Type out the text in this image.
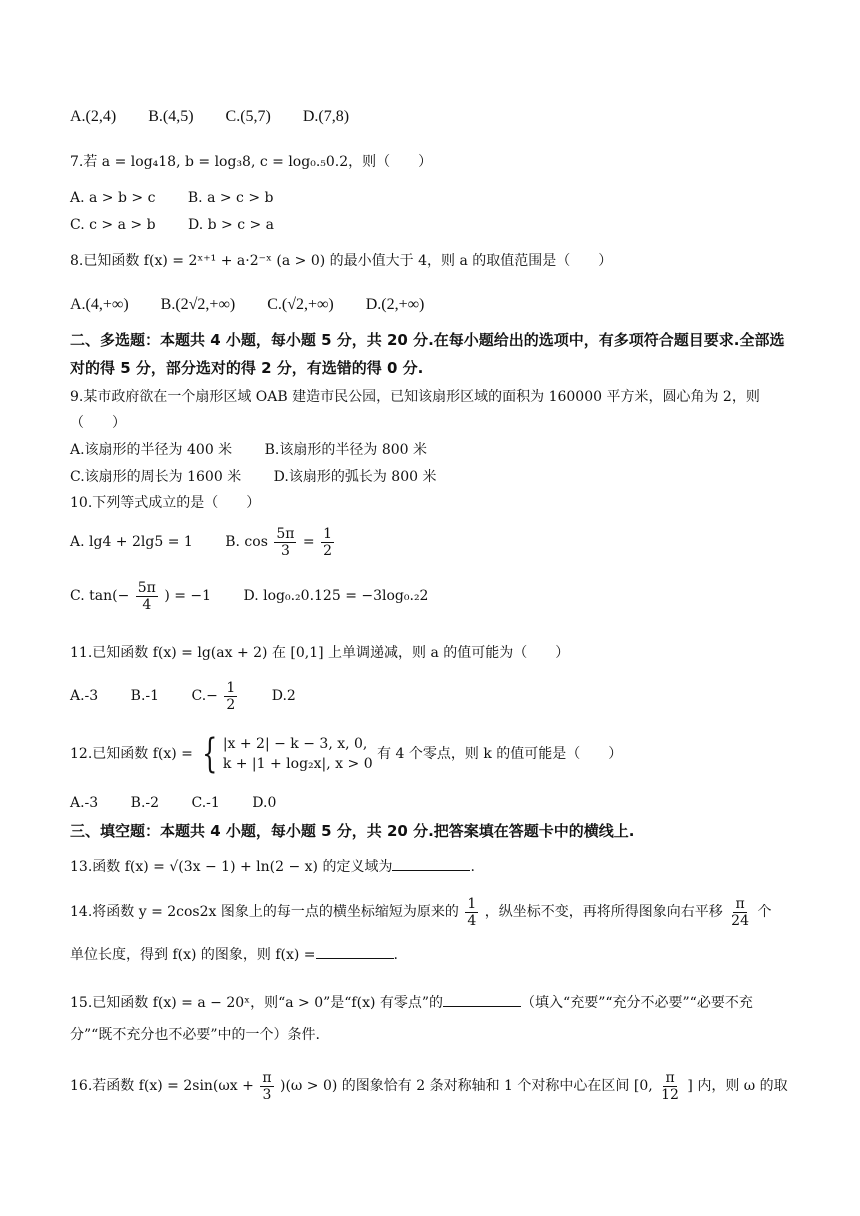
A.(2,4) B.(4,5) C.(5,7) D.(7,8)
7.若 a = log₄18, b = log₃8, c = log₀.₅0.2，则（　　）
A. a > b > c B. a > c > b
C. c > a > b D. b > c > a
8.已知函数 f(x) = 2ˣ⁺¹ + a·2⁻ˣ (a > 0) 的最小值大于 4，则 a 的取值范围是（　　）
A.(4,+∞) B.(2√2,+∞) C.(√2,+∞) D.(2,+∞)
二、多选题：本题共 4 小题，每小题 5 分，共 20 分.在每小题给出的选项中，有多项符合题目要求.全部选对的得 5 分，部分选对的得 2 分，有选错的得 0 分.
9.某市政府欲在一个扇形区域 OAB 建造市民公园，已知该扇形区域的面积为 160000 平方米，圆心角为 2，则（　　）
A.该扇形的半径为 400 米 B.该扇形的半径为 800 米
C.该扇形的周长为 1600 米 D.该扇形的弧长为 800 米
10.下列等式成立的是（　　）
A. lg4 + 2lg5 = 1 B. $\cos \frac{5\pi}{3} = \frac{1}{2}$
C. $\tan(- \frac{5\pi}{4}$ ) = −1 D. log₀.₂0.125 = −3log₀.₂2
11.已知函数 f(x) = lg(ax + 2) 在 [0,1] 上单调递减，则 a 的值可能为（　　）
A.-3 B.-1 $C.- \frac{1}{2} D.2$
12.已知函数 f(x) = { |x + 2| − k − 3, x, 0,
k + |1 + log₂x|, x > 0
有 4 个零点，则 k 的值可能是（　　）
A.-3 B.-2 C.-1 D.0
三、填空题：本题共 4 小题，每小题 5 分，共 20 分.把答案填在答题卡中的横线上.
13.函数 f(x) = √(3x − 1) + ln(2 − x) 的定义域为	.
14.将函数 y = 2cos2x 图象上的每一点的横坐标缩短为原来的 $\frac{1}{4}$ ，纵坐标不变，再将所得图象向右平移 $\frac{\pi}{24}$ 个
单位长度，得到 f(x) 的图象，则 f(x) =	.
15.已知函数 f(x) = a − 20ˣ，则“a > 0”是“f(x) 有零点”的	（填入“充要”“充分不必要”“必要不充
分”“既不充分也不必要”中的一个）条件.
16.若函数 $f(x) = 2\sin(\omega x + \frac{\pi}{3} )(\omega > 0)$ 的图象恰有 2 条对称轴和 1 个对称中心在区间 [0, $\frac{\pi}{12}$ ] 内，则 ω 的取
